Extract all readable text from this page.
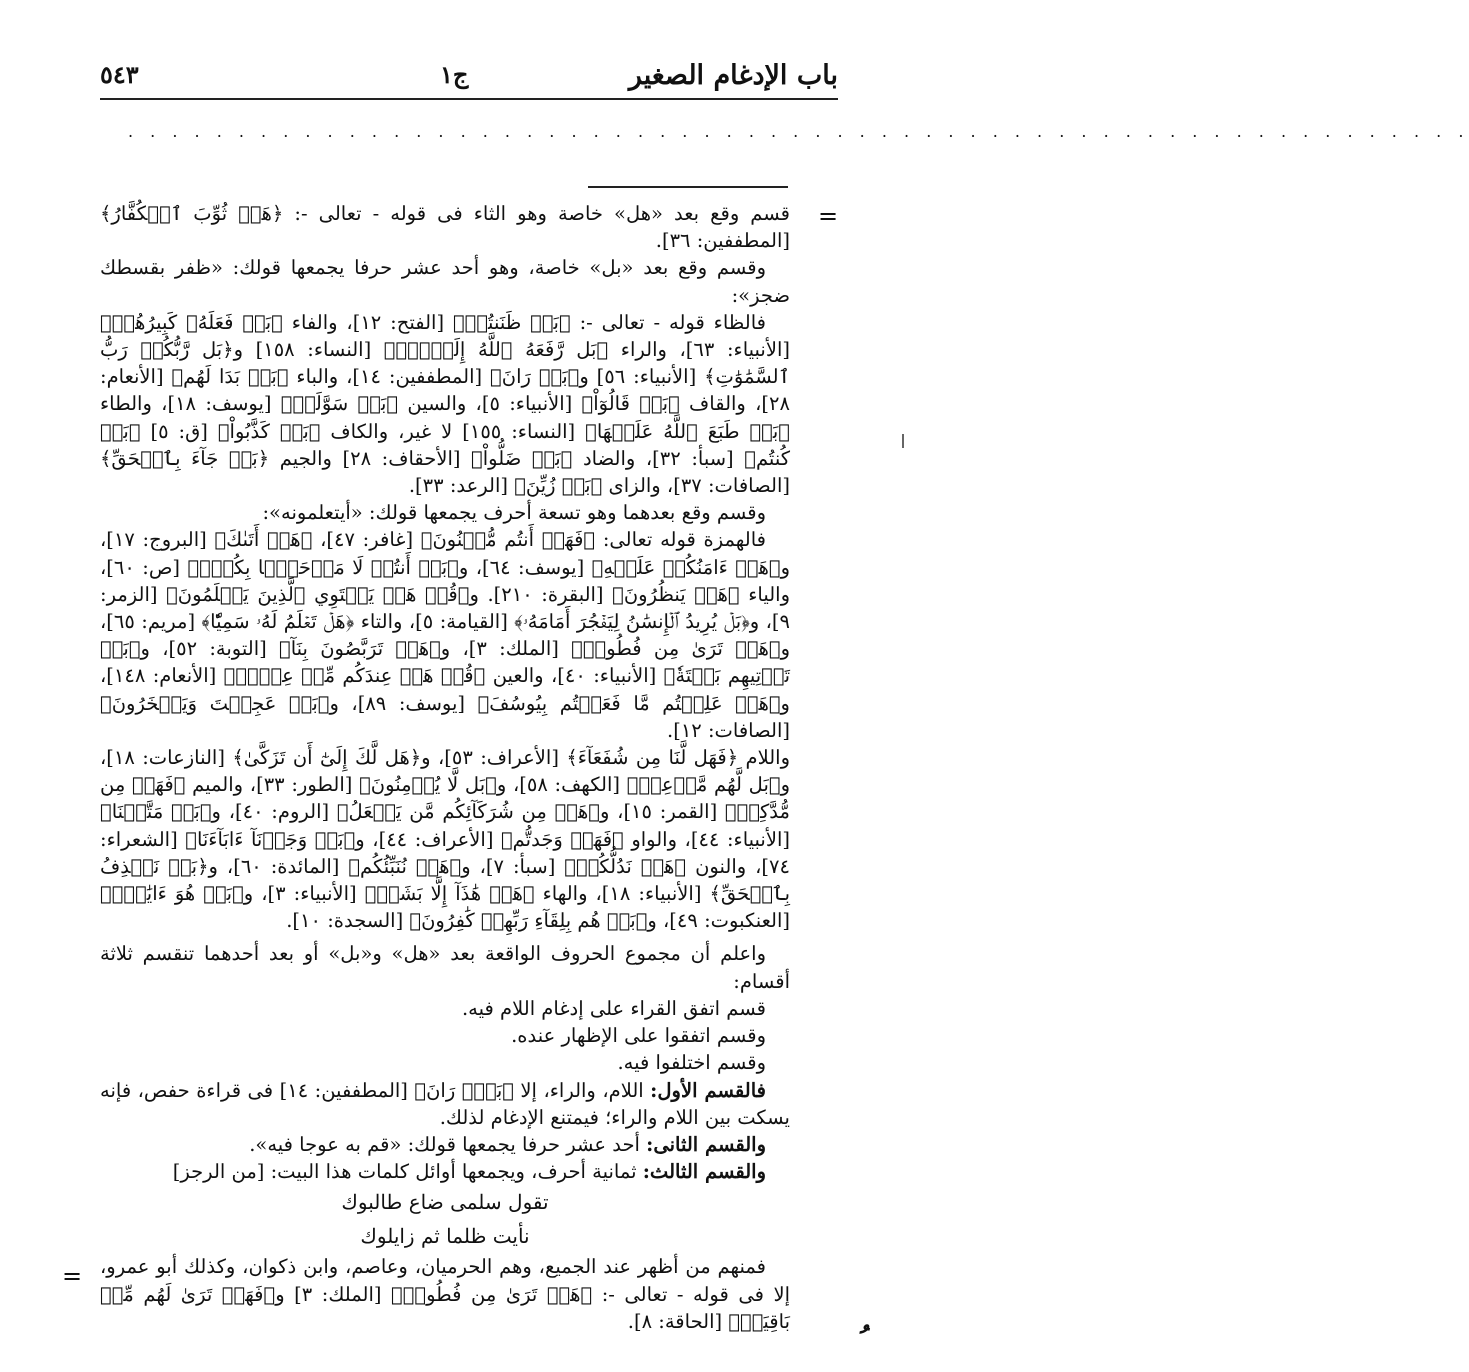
باب الإدغام الصغير
ج١
٥٤٣
. . . . . . . . . . . . . . . . . . . . . . . . . . . . . . . . . . . . . . . . . . . . . . . . . . . . . . . . . . . . .
=
=
ﹸ

قسم وقع بعد «هل» خاصة وهو الثاء فى قوله - تعالى -: ﴿هَلۡ ثُوِّبَ ٱلۡكُفَّارُ﴾ [المطففين: ٣٦].

وقسم وقع بعد «بل» خاصة، وهو أحد عشر حرفا يجمعها قولك: «ظفر بقسطك ضجز»:

فالظاء قوله - تعالى -: ﴿بَلۡ ظَنَنتُمۡ﴾ [الفتح: ١٢]، والفاء ﴿بَلۡ فَعَلَهُۥ كَبِيرُهُمۡ﴾ [الأنبياء: ٦٣]، والراء ﴿بَل رَّفَعَهُ ٱللَّهُ إِلَيۡهِۚ﴾ [النساء: ١٥٨] و﴿بَل رَّبُّكُمۡ رَبُّ ٱلسَّمَٰوَٰتِ﴾ [الأنبياء: ٥٦] و﴿بَلۡ رَانَ﴾ [المطففين: ١٤]، والباء ﴿بَلۡ بَدَا لَهُم﴾ [الأنعام: ٢٨]، والقاف ﴿بَلۡ قَالُوٓاْ﴾ [الأنبياء: ٥]، والسين ﴿بَلۡ سَوَّلَتۡ﴾ [يوسف: ١٨]، والطاء ﴿بَلۡ طَبَعَ ٱللَّهُ عَلَيۡهَا﴾ [النساء: ١٥٥] لا غير، والكاف ﴿بَلۡ كَذَّبُواْ﴾ [ق: ٥] ﴿بَلۡ كُنتُم﴾ [سبأ: ٣٢]، والضاد ﴿بَلۡ ضَلُّواْ﴾ [الأحقاف: ٢٨] والجيم ﴿بَلۡ جَآءَ بِٱلۡحَقِّ﴾ [الصافات: ٣٧]، والزاى ﴿بَلۡ زُيِّنَ﴾ [الرعد: ٣٣].

وقسم وقع بعدهما وهو تسعة أحرف يجمعها قولك: «أيتعلمونه»:

فالهمزة قوله تعالى: ﴿فَهَلۡ أَنتُم مُّغۡنُونَ﴾ [غافر: ٤٧]، ﴿هَلۡ أَتَىٰكَ﴾ [البروج: ١٧]، و﴿هَلۡ ءَامَنُكُمۡ عَلَيۡهِ﴾ [يوسف: ٦٤]، و﴿بَلۡ أَنتُمۡ لَا مَرۡحَبَۢا بِكُمۡۖ﴾ [ص: ٦٠]، والياء ﴿هَلۡ يَنظُرُونَ﴾ [البقرة: ٢١٠]. و﴿قُلۡ هَلۡ يَسۡتَوِي ٱلَّذِينَ يَعۡلَمُونَ﴾ [الزمر: ٩]، و﴿بَلۡ يُرِيدُ ٱلۡإِنسَٰنُ لِيَفۡجُرَ أَمَامَهُۥ﴾ [القيامة: ٥]، والتاء ﴿هَلۡ تَعۡلَمُ لَهُۥ سَمِيّٗا﴾ [مريم: ٦٥]، و﴿هَلۡ تَرَىٰ مِن فُطُورٖ﴾ [الملك: ٣]، و﴿هَلۡ تَرَبَّصُونَ بِنَآ﴾ [التوبة: ٥٢]، و﴿بَلۡ تَأۡتِيهِم بَغۡتَةٗ﴾ [الأنبياء: ٤٠]، والعين ﴿قُلۡ هَلۡ عِندَكُم مِّنۡ عِلۡمٖ﴾ [الأنعام: ١٤٨]، و﴿هَلۡ عَلِمۡتُم مَّا فَعَلۡتُم بِيُوسُفَ﴾ [يوسف: ٨٩]، و﴿بَلۡ عَجِبۡتَ وَيَسۡخَرُونَ﴾ [الصافات: ١٢].

واللام ﴿فَهَل لَّنَا مِن شُفَعَآءَ﴾ [الأعراف: ٥٣]، و﴿هَل لَّكَ إِلَىٰٓ أَن تَزَكَّىٰ﴾ [النازعات: ١٨]، و﴿بَل لَّهُم مَّوۡعِدٞ﴾ [الكهف: ٥٨]، و﴿بَل لَّا يُؤۡمِنُونَ﴾ [الطور: ٣٣]، والميم ﴿فَهَلۡ مِن مُّدَّكِرٖ﴾ [القمر: ١٥]، و﴿هَلۡ مِن شُرَكَآئِكُم مَّن يَفۡعَلُ﴾ [الروم: ٤٠]، و﴿بَلۡ مَتَّعۡنَا﴾ [الأنبياء: ٤٤]، والواو ﴿فَهَلۡ وَجَدتُّم﴾ [الأعراف: ٤٤]، و﴿بَلۡ وَجَدۡنَآ ءَابَآءَنَا﴾ [الشعراء: ٧٤]، والنون ﴿هَلۡ نَدُلُّكُمۡ﴾ [سبأ: ٧]، و﴿هَلۡ نُنَبِّئُكُم﴾ [المائدة: ٦٠]، و﴿بَلۡ نَقۡذِفُ بِٱلۡحَقِّ﴾ [الأنبياء: ١٨]، والهاء ﴿هَلۡ هَٰذَآ إِلَّا بَشَرٞ﴾ [الأنبياء: ٣]، و﴿بَلۡ هُوَ ءَايَٰتُۢ﴾ [العنكبوت: ٤٩]، و﴿بَلۡ هُم بِلِقَآءِ رَبِّهِمۡ كَٰفِرُونَ﴾ [السجدة: ١٠].

واعلم أن مجموع الحروف الواقعة بعد «هل» و«بل» أو بعد أحدهما تنقسم ثلاثة أقسام:

قسم اتفق القراء على إدغام اللام فيه.

وقسم اتفقوا على الإظهار عنده.

وقسم اختلفوا فيه.

فالقسم الأول: اللام، والراء، إلا ﴿بَلۡۜ رَانَ﴾ [المطففين: ١٤] فى قراءة حفص، فإنه يسكت بين اللام والراء؛ فيمتنع الإدغام لذلك.

والقسم الثانى: أحد عشر حرفا يجمعها قولك: «قم به عوجا فيه».

والقسم الثالث: ثمانية أحرف، ويجمعها أوائل كلمات هذا البيت: [من الرجز]

تقول سلمى ضاع طالبوك

نأيت ظلما ثم زايلوك

فمنهم من أظهر عند الجميع، وهم الحرميان، وعاصم، وابن ذكوان، وكذلك أبو عمرو، إلا فى قوله - تعالى -: ﴿هَلۡ تَرَىٰ مِن فُطُورٖ﴾ [الملك: ٣] و﴿فَهَلۡ تَرَىٰ لَهُم مِّنۢ بَاقِيَةٖ﴾ [الحاقة: ٨].
